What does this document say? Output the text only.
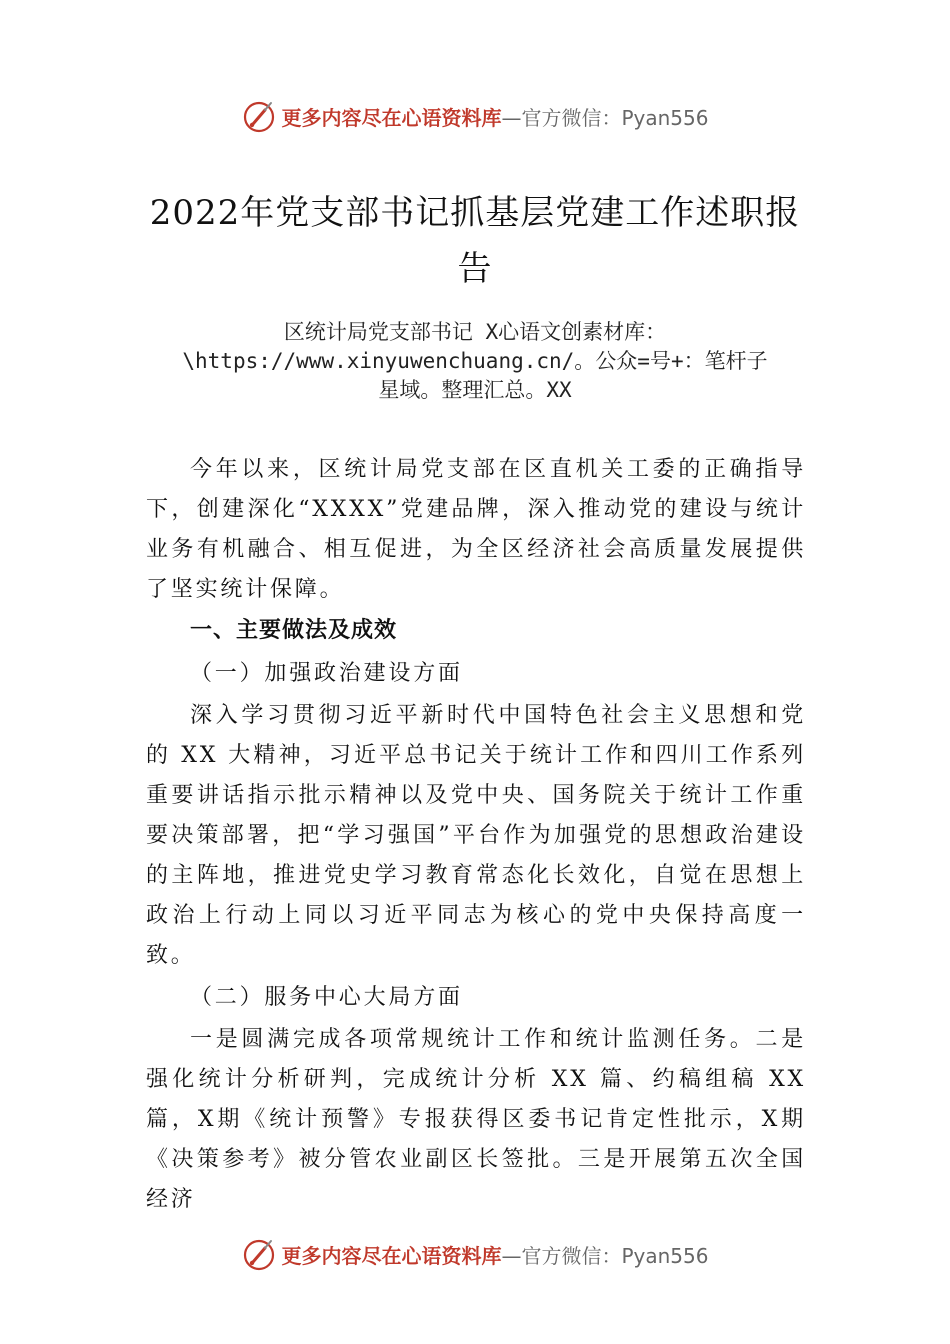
更多内容尽在心语资料库 —官方微信：Pyan556
2022年党支部书记抓基层党建工作述职报
告
区统计局党支部书记 X心语文创素材库：
\https://www.xinyuwenchuang.cn/。公众=号+：笔杆子
星域。整理汇总。XX

今年以来，区统计局党支部在区直机关工委的正确指导下，创建深化“XXXX”党建品牌，深入推动党的建设与统计业务有机融合、相互促进，为全区经济社会高质量发展提供了坚实统计保障。

一、主要做法及成效

（一）加强政治建设方面

深入学习贯彻习近平新时代中国特色社会主义思想和党的 XX 大精神，习近平总书记关于统计工作和四川工作系列重要讲话指示批示精神以及党中央、国务院关于统计工作重要决策部署，把“学习强国”平台作为加强党的思想政治建设的主阵地，推进党史学习教育常态化长效化，自觉在思想上政治上行动上同以习近平同志为核心的党中央保持高度一致。

（二）服务中心大局方面

一是圆满完成各项常规统计工作和统计监测任务。二是强化统计分析研判，完成统计分析 XX 篇、约稿组稿 XX 篇，X期《统计预警》专报获得区委书记肯定性批示，X期《决策参考》被分管农业副区长签批。三是开展第五次全国经济

更多内容尽在心语资料库 —官方微信：Pyan556
